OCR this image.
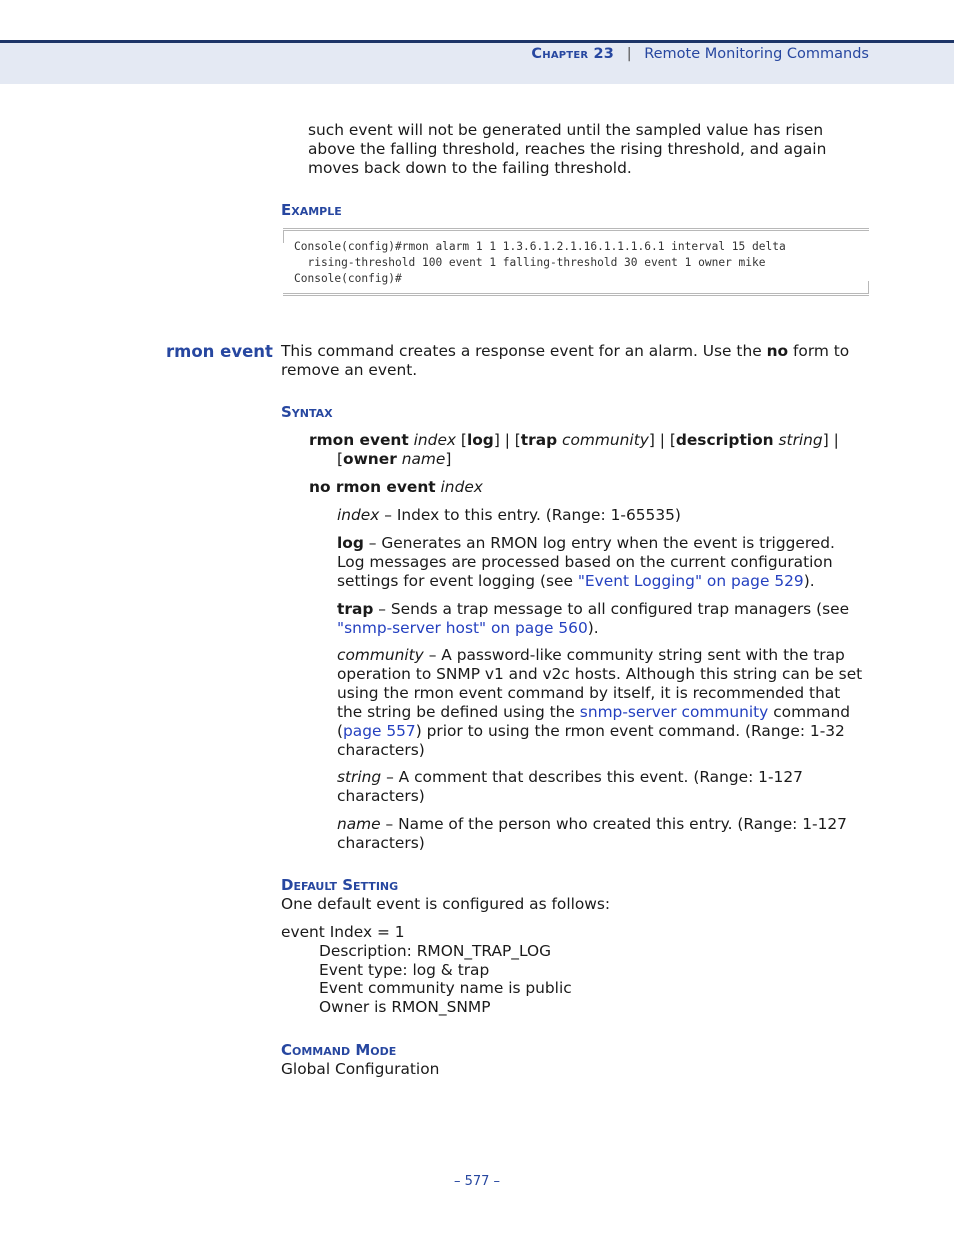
Chapter 23 | Remote Monitoring Commands

such event will not be generated until the sampled value has risen above the falling threshold, reaches the rising threshold, and again moves back down to the failing threshold.

Example
Console(config)#rmon alarm 1 1 1.3.6.1.2.1.16.1.1.1.6.1 interval 15 delta
rising-threshold 100 event 1 falling-threshold 30 event 1 owner mike
Console(config)#
rmon event This command creates a response event for an alarm. Use the no form to remove an event.

Syntax

rmon event index [log] | [trap community] | [description string] |

[owner name]

no rmon event index

index – Index to this entry. (Range: 1-65535)

log – Generates an RMON log entry when the event is triggered. Log messages are processed based on the current configuration settings for event logging (see "Event Logging" on page 529).

trap – Sends a trap message to all configured trap managers (see "snmp-server host" on page 560).

community – A password-like community string sent with the trap operation to SNMP v1 and v2c hosts. Although this string can be set using the rmon event command by itself, it is recommended that the string be defined using the snmp-server community command (page 557) prior to using the rmon event command. (Range: 1-32 characters)

string – A comment that describes this event. (Range: 1-127 characters)

name – Name of the person who created this entry. (Range: 1-127 characters)

Default Setting

One default event is configured as follows:

event Index = 1

Description: RMON_TRAP_LOG

Event type: log & trap

Event community name is public

Owner is RMON_SNMP

Command Mode

Global Configuration

– 577 –
